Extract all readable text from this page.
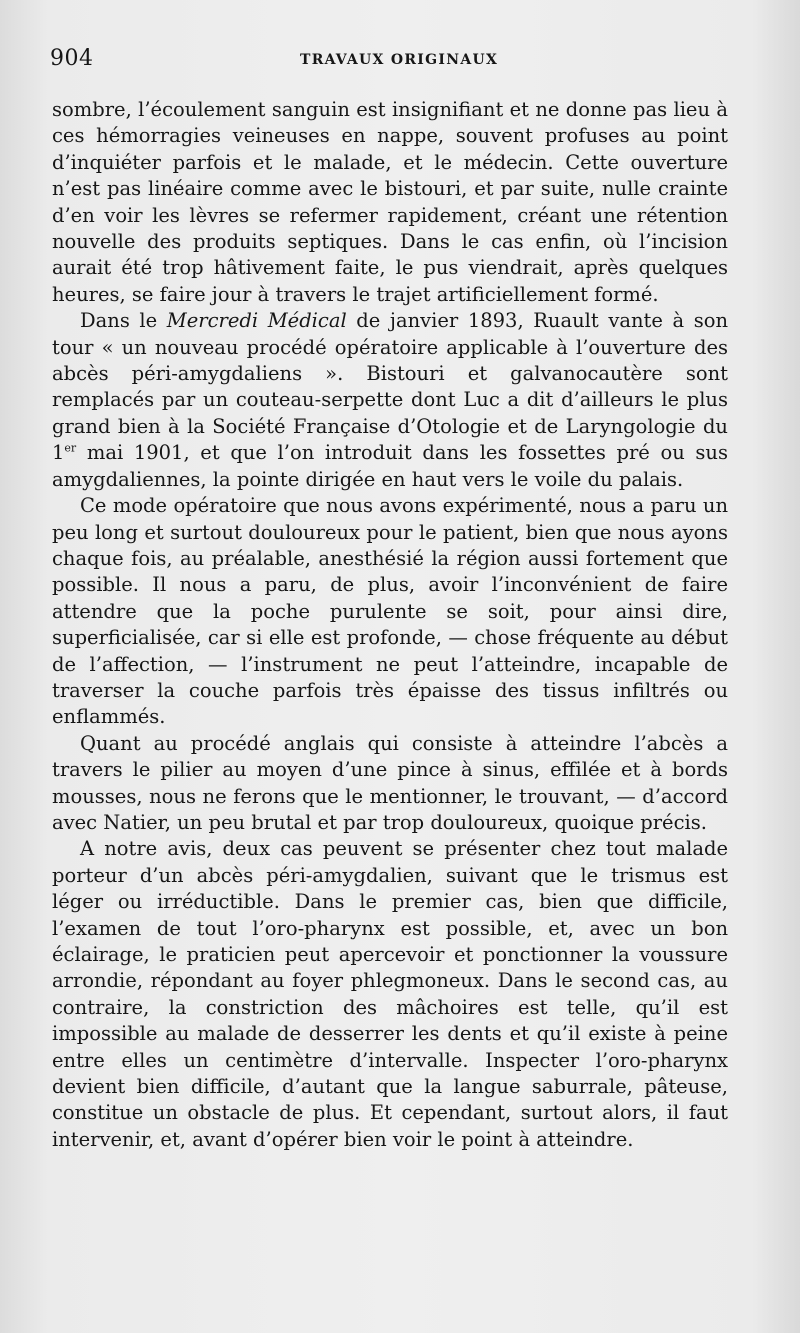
904	TRAVAUX ORIGINAUX

sombre, l’écoulement sanguin est insignifiant et ne donne pas lieu à ces hémorragies veineuses en nappe, souvent profuses au point d’inquiéter parfois et le malade, et le médecin. Cette ouverture n’est pas linéaire comme avec le bistouri, et par suite, nulle crainte d’en voir les lèvres se refermer rapidement, créant une rétention nouvelle des produits septiques. Dans le cas enfin, où l’incision aurait été trop hâtivement faite, le pus viendrait, après quelques heures, se faire jour à travers le trajet artificiellement formé.

Dans le Mercredi Médical de janvier 1893, Ruault vante à son tour « un nouveau procédé opératoire applicable à l’ouverture des abcès péri-amygdaliens ». Bistouri et galvanocautère sont remplacés par un couteau-serpette dont Luc a dit d’ailleurs le plus grand bien à la Société Française d’Otologie et de Laryngologie du 1er mai 1901, et que l’on introduit dans les fossettes pré ou sus amygdaliennes, la pointe dirigée en haut vers le voile du palais.

Ce mode opératoire que nous avons expérimenté, nous a paru un peu long et surtout douloureux pour le patient, bien que nous ayons chaque fois, au préalable, anesthésié la région aussi fortement que possible. Il nous a paru, de plus, avoir l’inconvénient de faire attendre que la poche purulente se soit, pour ainsi dire, superficialisée, car si elle est profonde, — chose fréquente au début de l’affection, — l’instrument ne peut l’atteindre, incapable de traverser la couche parfois très épaisse des tissus infiltrés ou enflammés.

Quant au procédé anglais qui consiste à atteindre l’abcès a travers le pilier au moyen d’une pince à sinus, effilée et à bords mousses, nous ne ferons que le mentionner, le trouvant, — d’accord avec Natier, un peu brutal et par trop douloureux, quoique précis.

A notre avis, deux cas peuvent se présenter chez tout malade porteur d’un abcès péri-amygdalien, suivant que le trismus est léger ou irréductible. Dans le premier cas, bien que difficile, l’examen de tout l’oro-pharynx est possible, et, avec un bon éclairage, le praticien peut apercevoir et ponctionner la voussure arrondie, répondant au foyer phlegmoneux. Dans le second cas, au contraire, la constriction des mâchoires est telle, qu’il est impossible au malade de desserrer les dents et qu’il existe à peine entre elles un centimètre d’intervalle. Inspecter l’oro-pharynx devient bien difficile, d’autant que la langue saburrale, pâteuse, constitue un obstacle de plus. Et cependant, surtout alors, il faut intervenir, et, avant d’opérer bien voir le point à atteindre.
